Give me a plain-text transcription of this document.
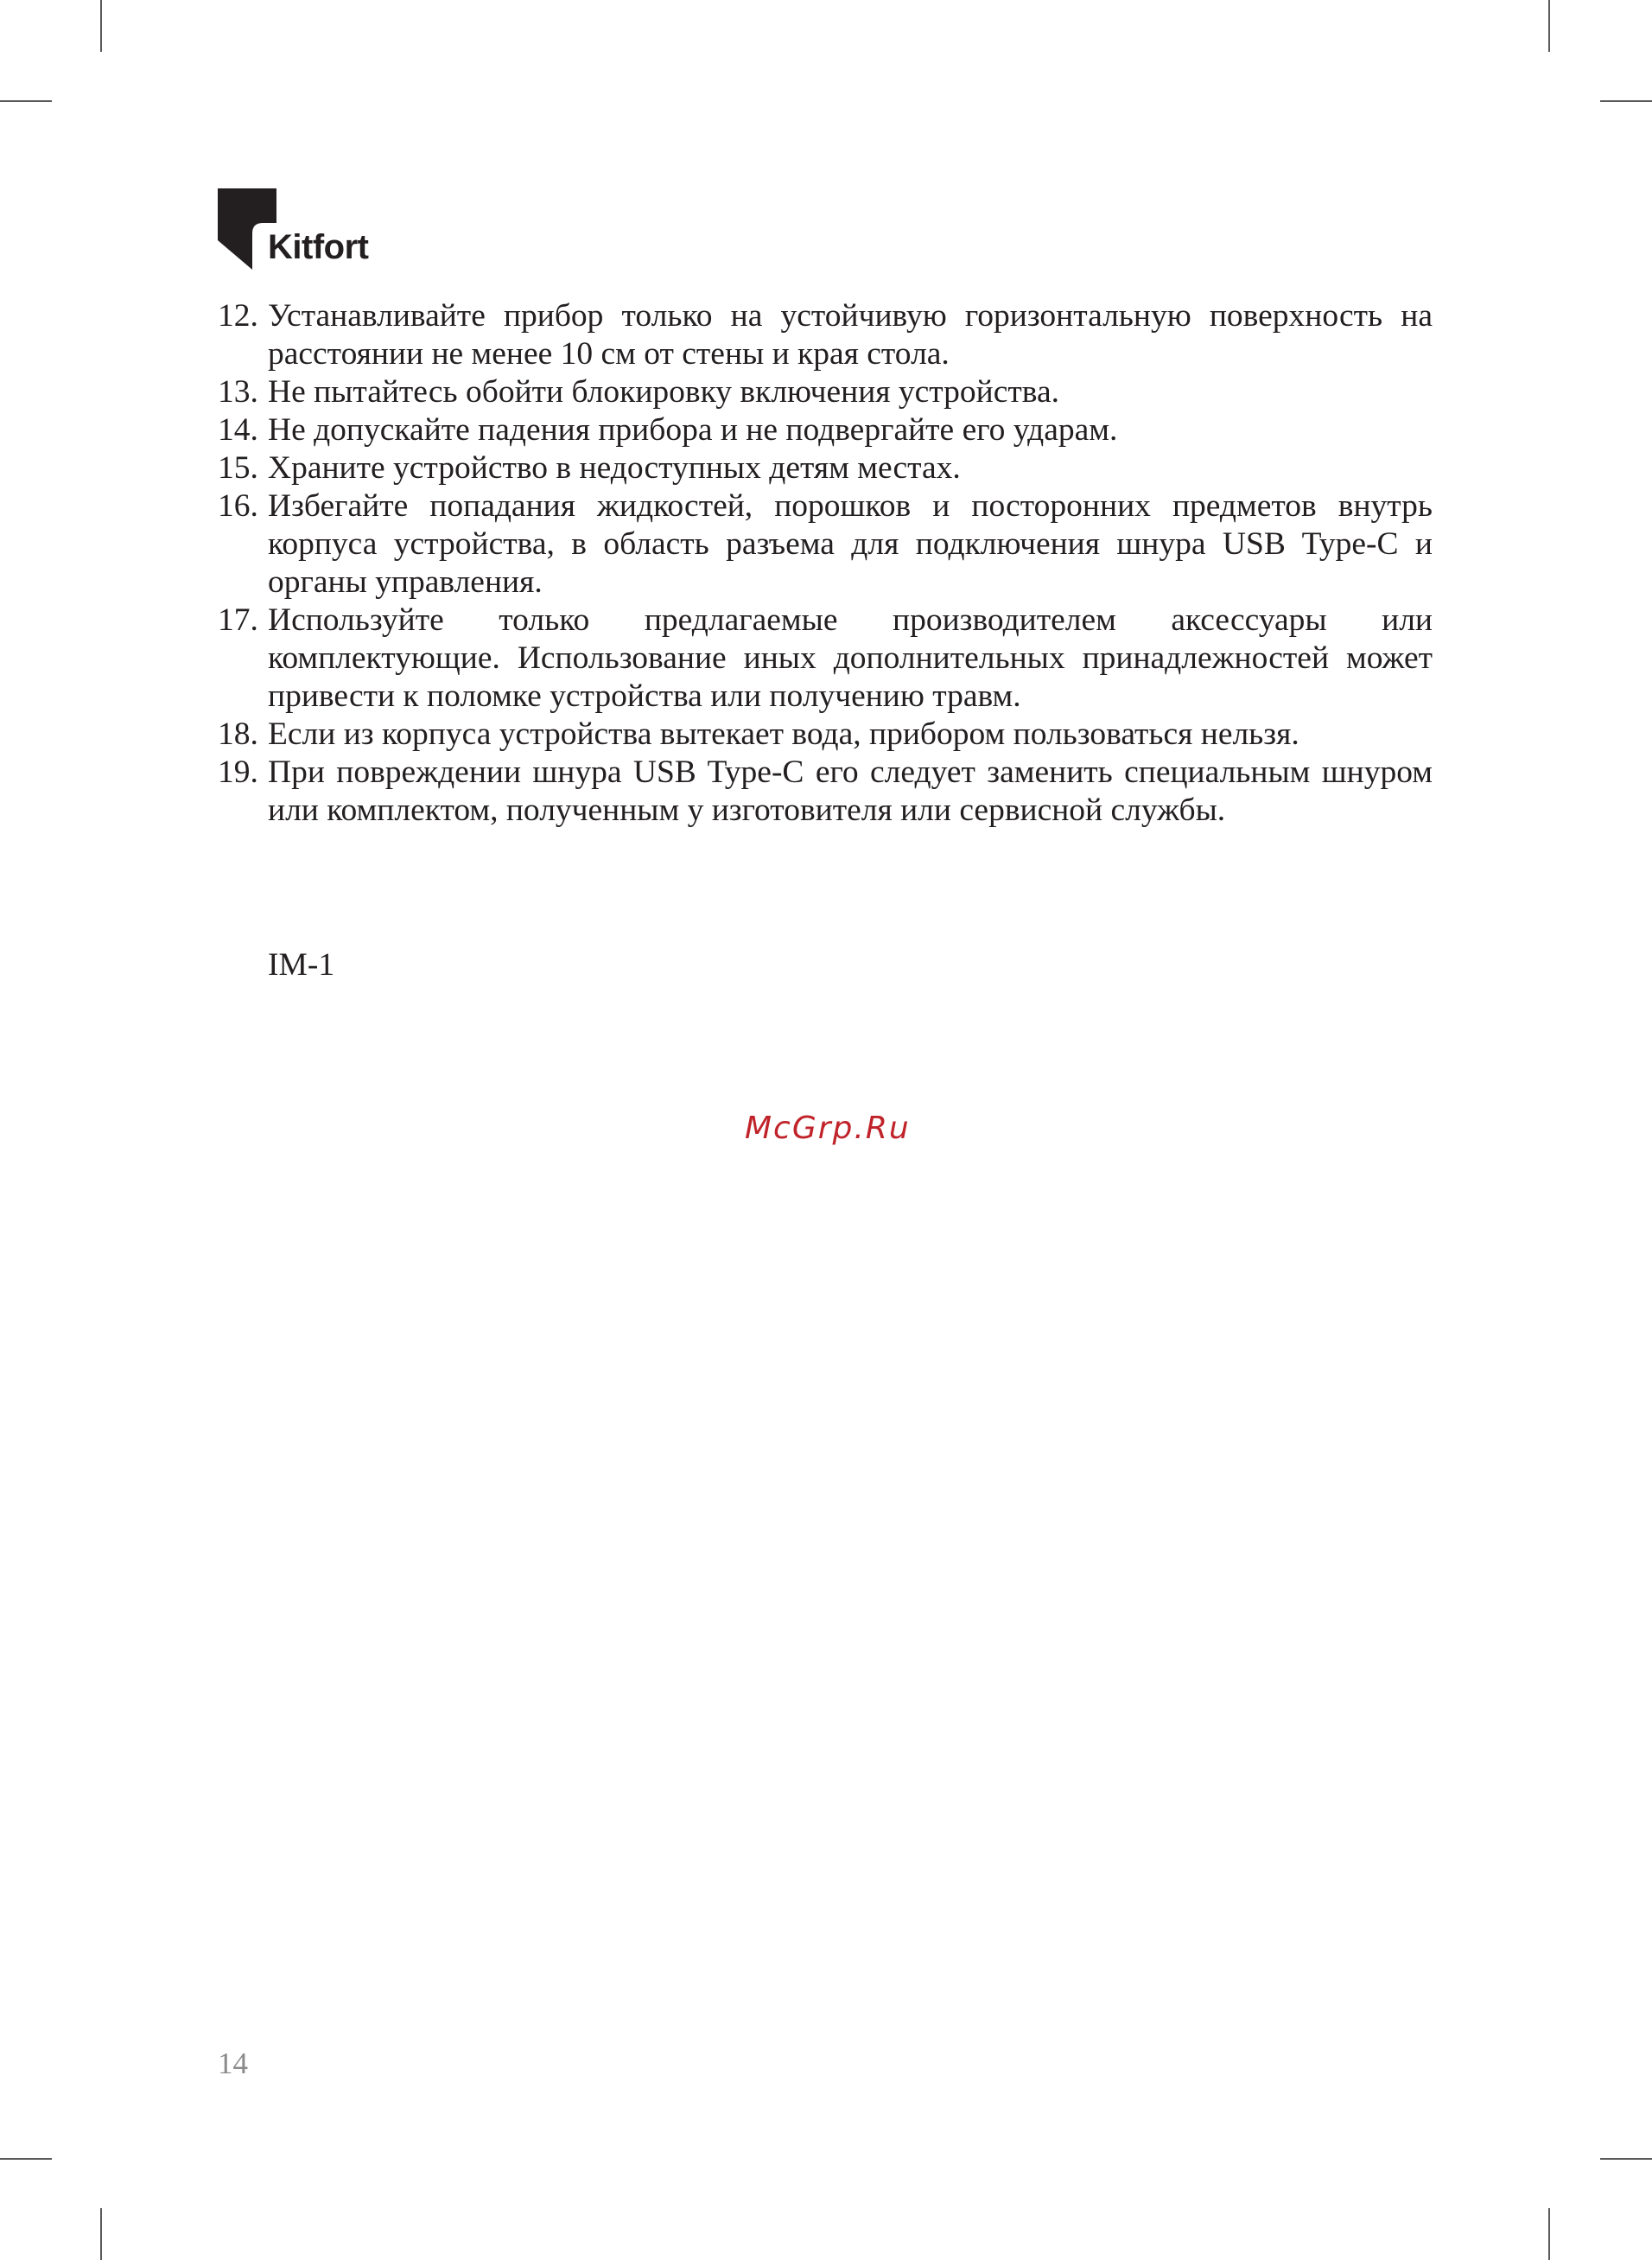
Kitfort
12. Устанавливайте прибор только на устойчивую горизонтальную поверхность на расстоянии не менее 10 см от стены и края стола.
13. Не пытайтесь обойти блокировку включения устройства.
14. Не допускайте падения прибора и не подвергайте его ударам.
15. Храните устройство в недоступных детям местах.
16. Избегайте попадания жидкостей, порошков и посторонних предметов внутрь корпуса устройства, в область разъема для подключения шнура USB Type-C и органы управления.
17. Используйте только предлагаемые производителем аксессуары или комплектующие. Использование иных дополнительных принадлежностей может привести к поломке устройства или получению травм.
18. Если из корпуса устройства вытекает вода, прибором пользоваться нельзя.
19. При повреждении шнура USB Type-C его следует заменить специальным шнуром или комплектом, полученным у изготовителя или сервисной службы.
IM-1
McGrp.Ru
14
